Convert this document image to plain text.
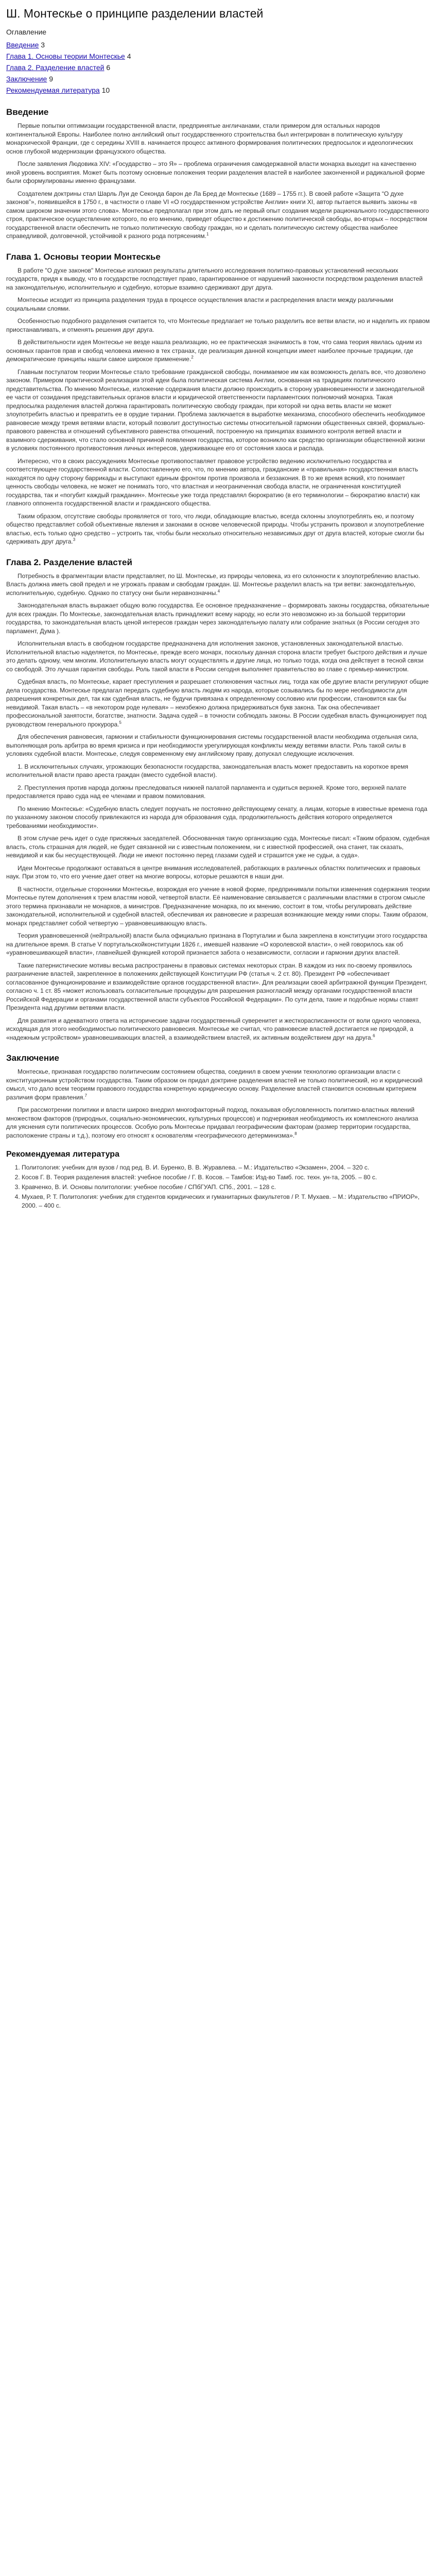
Ш. Монтескье о принципе разделении властей
Оглавление

Введение 3

Глава 1. Основы теории Монтескье 4

Глава 2. Разделение властей 6

Заключение 9

Рекомендуемая литература 10

Введение

Первые попытки оптимизации государственной власти, предпринятые англичанами, стали примером для остальных народов континентальной Европы. Наиболее полно английский опыт государственного строительства был интегрирован в политическую культуру монархической Франции, где с середины XVIII в. начинается процесс активного формирования политических предпосылок и идеологических основ глубокой модернизации французского общества.

После заявления Людовика XIV: «Государство – это Я» – проблема ограничения самодержавной власти монарха выходит на качественно иной уровень восприятия. Может быть поэтому основные положения теории разделения властей в наиболее законченной и радикальной форме были сформулированы именно французами.

Создателем доктрины стал Шарль Луи де Секонда барон де Ла Бред де Монтескье (1689 – 1755 гг.). В своей работе «Защита “О духе законов”», появившейся в 1750 г., в частности о главе VI «О государственном устройстве Англии» книги XI, автор пытается выявить законы «в самом широком значении этого слова». Монтескье предполагал при этом дать не первый опыт создания модели рационального государственного строя, практическое осуществление которого, по его мнению, приведет общество к достижению политической свободы, во-вторых – посредством государственной власти обеспечить не только политическую свободу граждан, но и сделать политическую систему общества наиболее справедливой, долговечной, устойчивой к разного рода потрясениям.$^1$

Глава 1. Основы теории Монтескье

В работе "О духе законов" Монтескье изложил результаты длительного исследования политико-правовых установлений нескольких государств, придя к выводу, что в государстве господствует право, гарантированное от нарушений законности посредством разделения властей на законодательную, исполнительную и судебную, которые взаимно сдерживают друг друга.

Монтескье исходит из принципа разделения труда в процессе осуществления власти и распределения власти между различными социальными слоями.

Особенностью подобного разделения считается то, что Монтескье предлагает не только разделить все ветви власти, но и наделить их правом приостанавливать, и отменять решения друг друга.

В действительности идея Монтескье не везде нашла реализацию, но ее практическая значимость в том, что сама теория явилась одним из основных гарантов прав и свобод человека именно в тех странах, где реализация данной концепции имеет наиболее прочные традиции, где демократические принципы нашли самое широкое применение.$^2$

Главным постулатом теории Монтескье стало требование гражданской свободы, понимаемое им как возможность делать все, что дозволено законом. Примером практической реализации этой идеи была политическая система Англии, основанная на традициях политического представительства. По мнению Монтескье, изложение содержания власти должно происходить в сторону уравновешенности и законодательной ее части от созидания представительных органов власти и юридической ответственности парламентских полномочий монарха. Такая предпосылка разделения властей должна гарантировать политическую свободу граждан, при которой ни одна ветвь власти не может злоупотребить властью и превратить ее в орудие тирании. Проблема заключается в выработке механизма, способного обеспечить необходимое равновесие между тремя ветвями власти, который позволит доступностью системы относительной гармонии общественных связей, формально-правового равенства и отношений субъективного равенства отношений, построенную на принципах взаимного контроля ветвей власти и взаимного сдерживания, что стало основной причиной появления государства, которое возникло как средство организации общественной жизни в условиях постоянного противостояния личных интересов, удерживающее его от состояния хаоса и распада.

Интересно, что в своих рассуждениях Монтескье противопоставляет правовое устройство ведению исключительно государства и соответствующее государственной власти. Сопоставленную его, что, по мнению автора, гражданские и «правильная» государственная власть находятся по одну сторону баррикады и выступают единым фронтом против произвола и беззакония. В то же время всякий, кто понимает ценность свободы человека, не может не понимать того, что властная и неограниченная свобода власти, не ограниченная конституцией государства, так и «погубит каждый гражданин». Монтескье уже тогда представлял бюрократию (в его терминологии – бюрократию власти) как главного оппонента государственной власти и гражданского общества.

Таким образом, отсутствие свободы проявляется от того, что люди, обладающие властью, всегда склонны злоупотреблять ею, и поэтому общество представляет собой объективные явления и законами в основе человеческой природы. Чтобы устранить произвол и злоупотребление властью, есть только одно средство – устроить так, чтобы были несколько относительно независимых друг от друга властей, которые смогли бы сдерживать друг друга.$^3$

Глава 2. Разделение властей

Потребность в фрагментации власти представляет, по Ш. Монтескье, из природы человека, из его склонности к злоупотреблению властью. Власть должна иметь свой предел и не угрожать правам и свободам граждан. Ш. Монтескье разделил власть на три ветви: законодательную, исполнительную, судебную. Однако по статусу они были неравнозначны.$^4$

Законодательная власть выражает общую волю государства. Ее основное предназначение – формировать законы государства, обязательные для всех граждан. По Монтескье, законодательная власть принадлежит всему народу, но если это невозможно из-за большой территории государства, то законодательная власть ценой интересов граждан через законодательную палату или собрание знатных (в России сегодня это парламент, Дума ).

Исполнительная власть в свободном государстве предназначена для исполнения законов, установленных законодательной властью. Исполнительной властью наделяется, по Монтескье, прежде всего монарх, поскольку данная сторона власти требует быстрого действия и лучше это делать одному, чем многим. Исполнительную власть могут осуществлять и другие лица, но только тогда, когда она действует в тесной связи со свободой. Это лучшая гарантия свободы. Роль такой власти в России сегодня выполняет правительство во главе с премьер-министром.

Судебная власть, по Монтескье, карает преступления и разрешает столкновения частных лиц, тогда как обе другие власти регулируют общие дела государства. Монтескье предлагал передать судебную власть людям из народа, которые созывались бы по мере необходимости для разрешения конкретных дел, так как судебная власть, не будучи привязана к определенному сословию или профессии, становится как бы невидимой. Такая власть – «в некотором роде нулевая» – неизбежно должна придерживаться букв закона. Так она обеспечивает профессиональной занятости, богатстве, знатности. Задача судей – в точности соблюдать законы. В России судебная власть функционирует под руководством генерального прокурора.$^5$

Для обеспечения равновесия, гармонии и стабильности функционирования системы государственной власти необходима отдельная сила, выполняющая роль арбитра во время кризиса и при необходимости урегулирующая конфликты между ветвями власти. Роль такой силы в условиях судебной власти. Монтескье, следуя современному ему английскому праву, допускал следующие исключения.

1. В исключительных случаях, угрожающих безопасности государства, законодательная власть может предоставить на короткое время исполнительной власти право ареста граждан (вместо судебной власти).

2. Преступления против народа должны преследоваться нижней палатой парламента и судиться верхней. Кроме того, верхней палате предоставляется право суда над ее членами и правом помилования.

По мнению Монтескье: «Судебную власть следует поручать не постоянно действующему сенату, а лицам, которые в известные времена года по указанному законом способу привлекаются из народа для образования суда, продолжительность действия которого определяется требованиями необходимости».

В этом случае речь идет о суде присяжных заседателей. Обоснованная такую организацию суда, Монтескье писал: «Таким образом, судебная власть, столь страшная для людей, не будет связанной ни с известным положением, ни с известной профессией, она станет, так сказать, невидимой и как бы несуществующей. Люди не имеют постоянно перед глазами судей и страшится уже не судьи, а суда».

Идеи Монтескье продолжают оставаться в центре внимания исследователей, работающих в различных областях политических и правовых наук. При этом то, что его учение дает ответ на многие вопросы, которые решаются в наши дни.

В частности, отдельные сторонники Монтескье, возрождая его учение в новой форме, предпринимали попытки изменения содержания теории Монтескье путем дополнения к трем властям новой, четвертой власти. Её наименование связывается с различными властями в строгом смысле этого термина признавали не монархов, а министров. Предназначение монарха, по их мнению, состоит в том, чтобы регулировать действие законодательной, исполнительной и судебной властей, обеспечивая их равновесие и разрешая возникающие между ними споры. Таким образом, монарх представляет собой четвертую – уравновешивающую власть.

Теория уравновешенной (нейтральной) власти была официально признана в Португалии и была закреплена в конституции этого государства на длительное время. В статье V португальскойконституции 1826 г., имевшей название «О королевской власти», о ней говорилось как об «уравновешивающей власти», главнейшей функцией которой признается забота о независимости, согласии и гармонии других властей.

Такие патернистические мотивы весьма распространены в правовых системах некоторых стран. В каждом из них по-своему проявилось разграничение властей, закрепленное в положениях действующей Конституции РФ (статья ч. 2 ст. 80). Президент РФ «обеспечивает согласованное функционирование и взаимодействие органов государственной власти». Для реализации своей арбитражной функции Президент, согласно ч. 1 ст. 85 «может использовать согласительные процедуры для разрешения разногласий между органами государственной власти Российской Федерации и органами государственной власти субъектов Российской Федерации». По сути дела, такие и подобные нормы ставят Президента над другими ветвями власти.

Для развития и адекватного ответа на исторические задачи государственный суверенитет и жесткорасписанности от воли одного человека, исходящая для этого необходимостью политического равновесия. Монтескье же считал, что равновесие властей достигается не природой, а «надежным устройством» уравновешивающих властей, а взаимодействием властей, их активным воздействием друг на друга.$^6$

Заключение

Монтескье, признавая государство политическим состоянием общества, соединил в своем учении технологию организации власти с конституционным устройством государства. Таким образом он придал доктрине разделения властей не только политический, но и юридический смысл, что дало всем теориям правового государства конкретную юридическую основу. Разделение властей становится основным критерием различия форм правления.$^7$

При рассмотрении политики и власти широко внедрил многофакторный подход, показывая обусловленность политико-властных явлений множеством факторов (природных, социально-экономических, культурных процессов) и подчеркивая необходимость их комплексного анализа для уяснения сути политических процессов. Особую роль Монтескье придавал географическим факторам (размер территории государства, расположение страны и т.д.), поэтому его относят к основателям «географического детерминизма».$^8$

Рекомендуемая литература
1. Политология: учебник для вузов / под ред. В. И. Буренко, В. В. Журавлева. – М.: Издательство «Экзамен», 2004. – 320 с.
2. Косов Г. В. Теория разделения властей: учебное пособие / Г. В. Косов. – Тамбов: Изд-во Тамб. гос. техн. ун-та, 2005. – 80 с.
3. Кравченко, В. И. Основы политологии: учебное пособие / СПбГУАП. СПб., 2001. – 128 с.
4. Мухаев, Р. Т. Политология: учебник для студентов юридических и гуманитарных факультетов / Р. Т. Мухаев. – М.: Издательство «ПРИОР», 2000. – 400 с.
